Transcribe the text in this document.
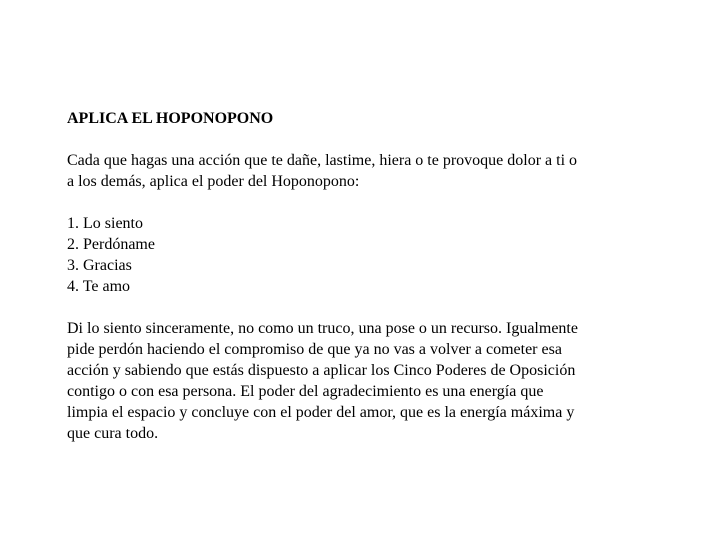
APLICA EL HOPONOPONO

Cada que hagas una acción que te dañe, lastime, hiera o te provoque dolor a ti o
a los demás, aplica el poder del Hoponopono:

1. Lo siento
2. Perdóname
3. Gracias
4. Te amo

Di lo siento sinceramente, no como un truco, una pose o un recurso. Igualmente
pide perdón haciendo el compromiso de que ya no vas a volver a cometer esa
acción y sabiendo que estás dispuesto a aplicar los Cinco Poderes de Oposición
contigo o con esa persona. El poder del agradecimiento es una energía que
limpia el espacio y concluye con el poder del amor, que es la energía máxima y
que cura todo.
